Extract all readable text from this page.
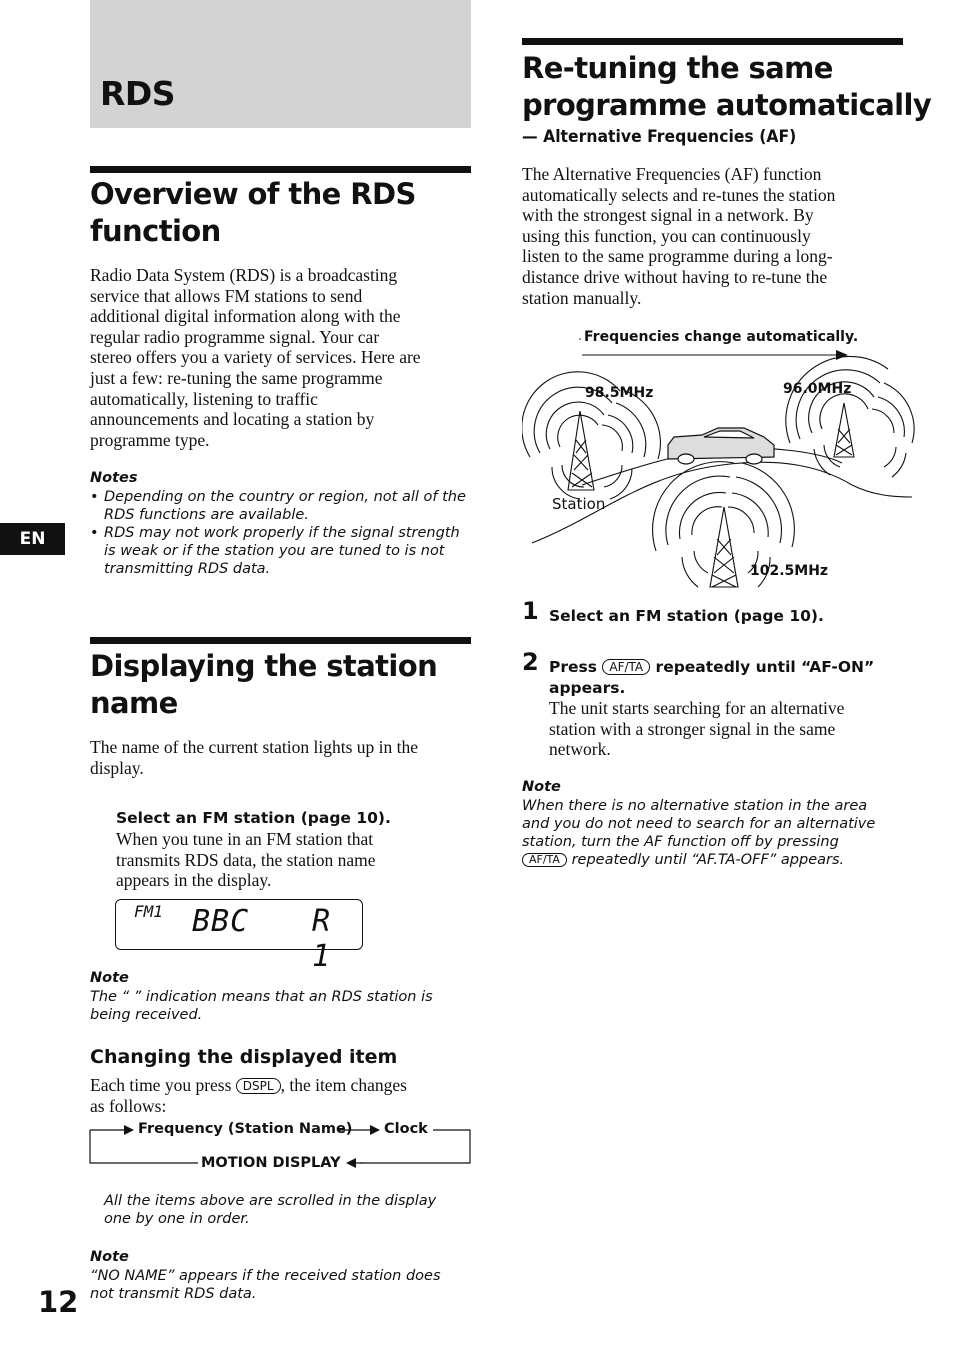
RDS
EN
12
Overview of the RDS
function
Radio Data System (RDS) is a broadcasting
service that allows FM stations to send
additional digital information along with the
regular radio programme signal. Your car
stereo offers you a variety of services. Here are
just a few: re-tuning the same programme
automatically, listening to traffic
announcements and locating a station by
programme type.
Notes
• Depending on the country or region, not all of the RDS functions are available.
• RDS may not work properly if the signal strength is weak or if the station you are tuned to is not transmitting RDS data.
Displaying the station
name
The name of the current station lights up in the
display.
Select an FM station (page 10).
When you tune in an FM station that
transmits RDS data, the station name
appears in the display.
FM1 BBC R 1
Note
The “ ” indication means that an RDS station is
being received.
Changing the displayed item
Each time you press DSPL , the item changes
as follows:
Frequency (Station Name) Clock
MOTION DISPLAY
All the items above are scrolled in the display
one by one in order.
Note
“NO NAME” appears if the received station does
not transmit RDS data.
Re-tuning the same
programme automatically
— Alternative Frequencies (AF)
The Alternative Frequencies (AF) function
automatically selects and re-tunes the station
with the strongest signal in a network. By
using this function, you can continuously
listen to the same programme during a long-
distance drive without having to re-tune the
station manually.
Frequencies change automatically.
98.5MHz	96.0MHz
102.5MHz
Station
1 Select an FM station (page 10).
2 Press AF/TA repeatedly until “AF-ON”
appears.
The unit starts searching for an alternative
station with a stronger signal in the same
network.
Note
When there is no alternative station in the area
and you do not need to search for an alternative
station, turn the AF function off by pressing
AF/TA repeatedly until “AF.TA-OFF” appears.
